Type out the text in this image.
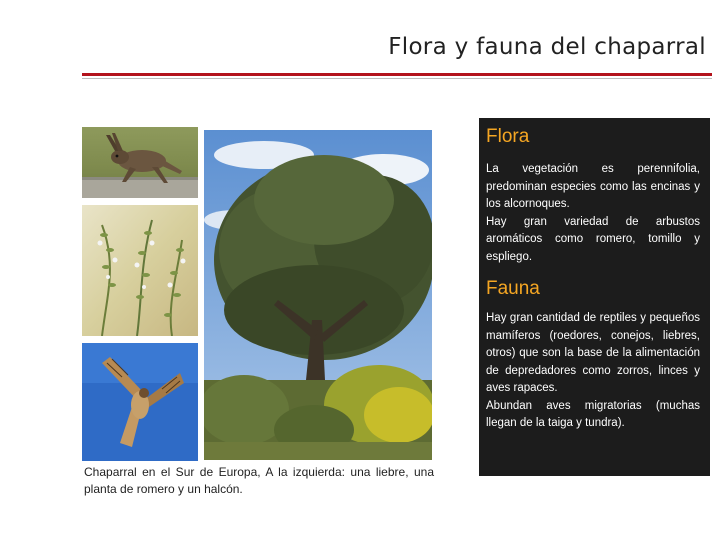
Flora y fauna del chaparral
Chaparral en el Sur de Europa, A la izquierda: una liebre, una planta de romero y un halcón.
Flora

La vegetación es perennifolia, predominan especies como las encinas y los alcornoques.

Hay gran variedad de arbustos aromáticos como romero, tomillo y espliego.

Fauna

Hay gran cantidad de reptiles y pequeños mamíferos (roedores, conejos, liebres, otros) que son la base de la alimentación de depredadores como zorros, linces y aves rapaces.

Abundan aves migratorias (muchas llegan de la taiga y tundra).
